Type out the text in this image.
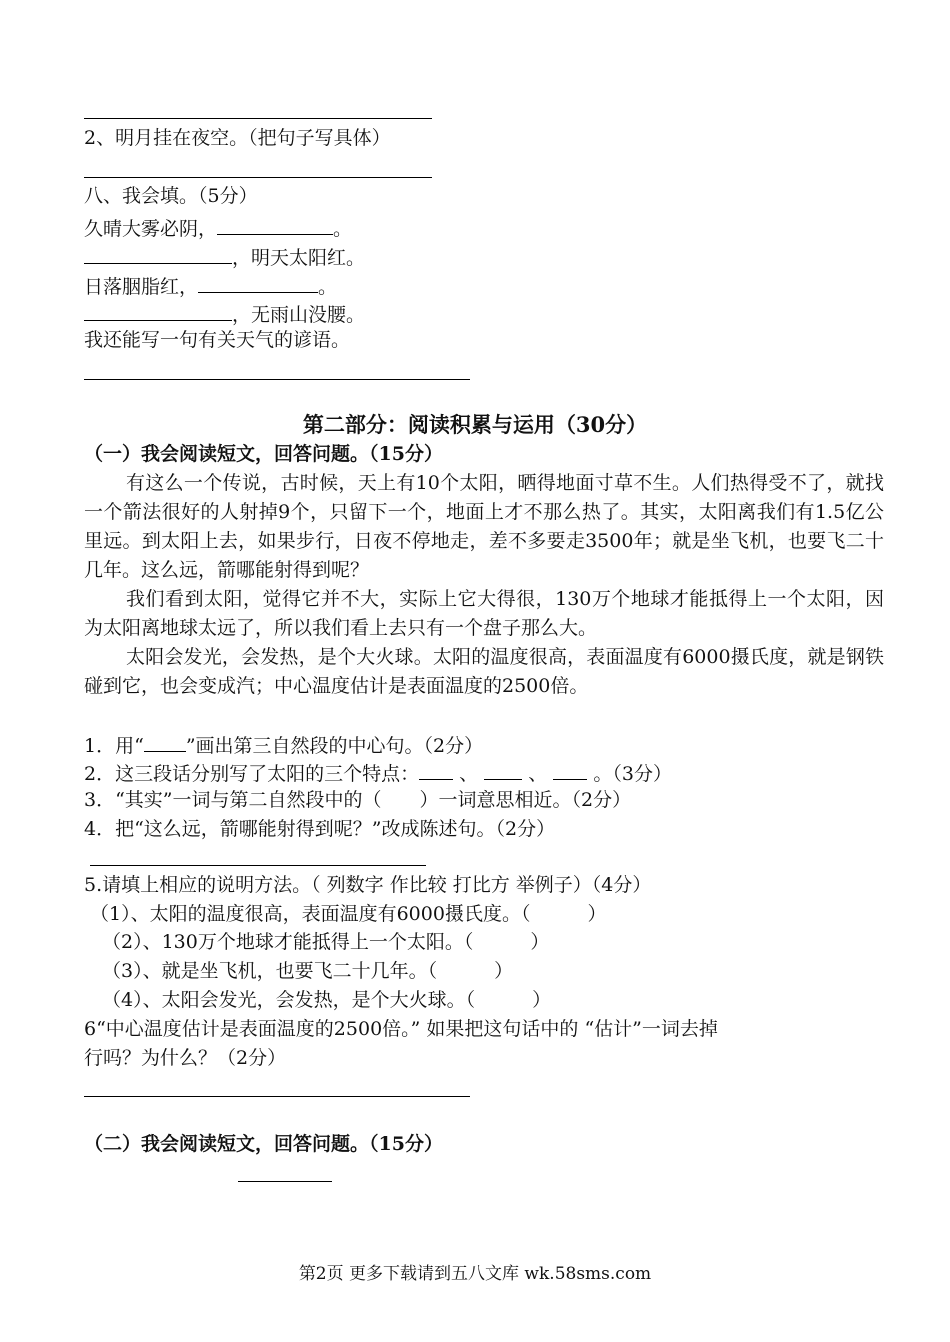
2、明月挂在夜空。（把句子写具体）
八、我会填。（5分）
久晴大雾必阴，	。
，明天太阳红。
日落胭脂红，	。
，无雨山没腰。
我还能写一句有关天气的谚语。
第二部分：阅读积累与运用（30分）
（一）我会阅读短文，回答问题。（15分）
有这么一个传说，古时候，天上有10个太阳，晒得地面寸草不生。人们热得受不了，就找一个箭法很好的人射掉9个，只留下一个，地面上才不那么热了。其实，太阳离我们有1.5亿公里远。到太阳上去，如果步行，日夜不停地走，差不多要走3500年；就是坐飞机，也要飞二十几年。这么远，箭哪能射得到呢？
我们看到太阳，觉得它并不大，实际上它大得很，130万个地球才能抵得上一个太阳，因为太阳离地球太远了，所以我们看上去只有一个盘子那么大。
太阳会发光，会发热，是个大火球。太阳的温度很高，表面温度有6000摄氏度，就是钢铁碰到它，也会变成汽；中心温度估计是表面温度的2500倍。
1．用“ ”画出第三自然段的中心句。（2分）
2．这三段话分别写了太阳的三个特点： 、	、 。（3分）
3．“其实”一词与第二自然段中的（　　）一词意思相近。（2分）
4．把“这么远，箭哪能射得到呢？”改成陈述句。（2分）
5.请填上相应的说明方法。（ 列数字 作比较 打比方 举例子）（4分）
（1）、太阳的温度很高，表面温度有6000摄氏度。（　　　）
（2）、130万个地球才能抵得上一个太阳。（　　　）
（3）、就是坐飞机，也要飞二十几年。（　　　）
（4）、太阳会发光，会发热，是个大火球。（　　　）
6“中心温度估计是表面温度的2500倍。” 如果把这句话中的 “估计”一词去掉
行吗？为什么？（2分）
（二）我会阅读短文，回答问题。（15分）
第2页 更多下载请到五八文库 wk.58sms.com
